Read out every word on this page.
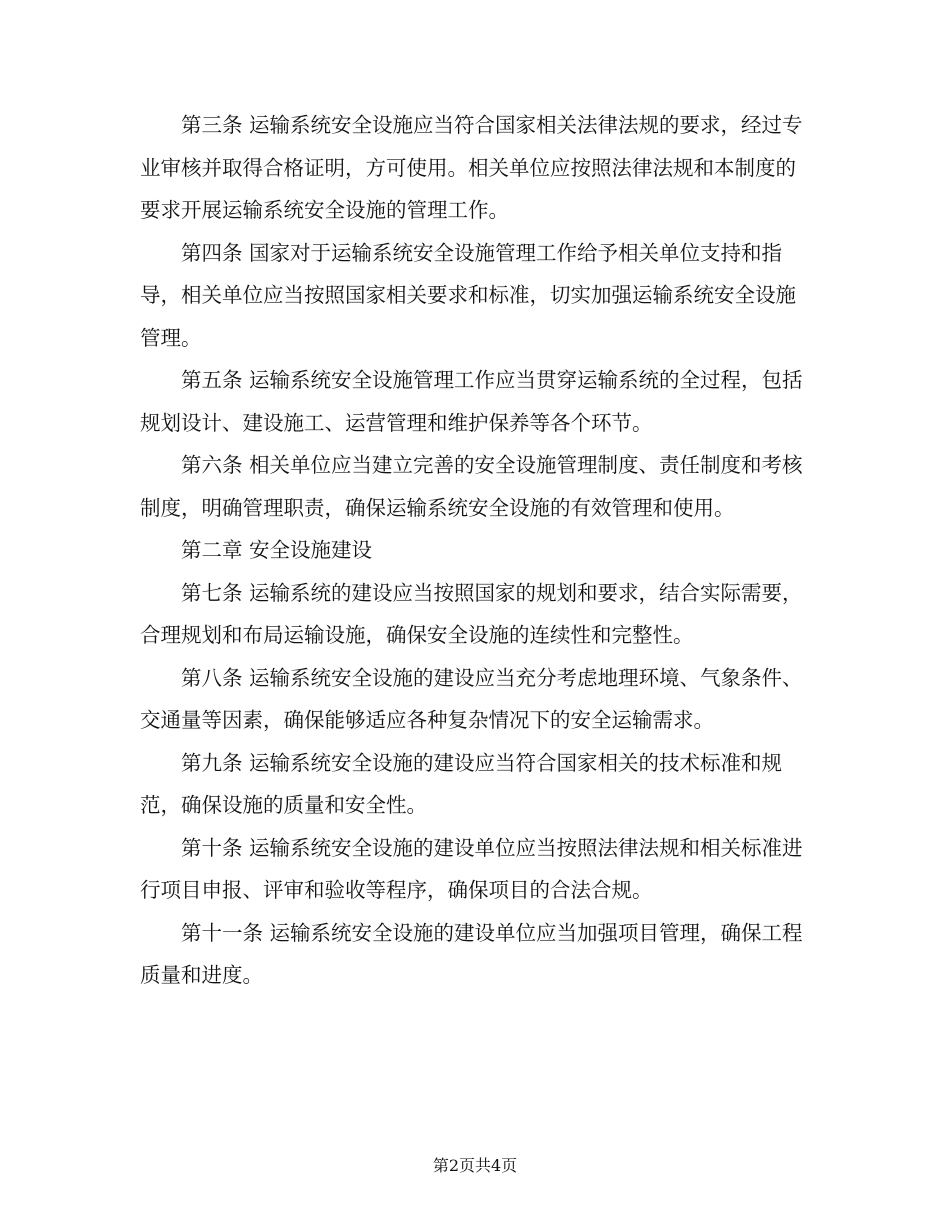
第三条 运输系统安全设施应当符合国家相关法律法规的要求，经过专业审核并取得合格证明，方可使用。相关单位应按照法律法规和本制度的要求开展运输系统安全设施的管理工作。

第四条 国家对于运输系统安全设施管理工作给予相关单位支持和指导，相关单位应当按照国家相关要求和标准，切实加强运输系统安全设施管理。

第五条 运输系统安全设施管理工作应当贯穿运输系统的全过程，包括规划设计、建设施工、运营管理和维护保养等各个环节。

第六条 相关单位应当建立完善的安全设施管理制度、责任制度和考核制度，明确管理职责，确保运输系统安全设施的有效管理和使用。

第二章 安全设施建设

第七条 运输系统的建设应当按照国家的规划和要求，结合实际需要，合理规划和布局运输设施，确保安全设施的连续性和完整性。

第八条 运输系统安全设施的建设应当充分考虑地理环境、气象条件、交通量等因素，确保能够适应各种复杂情况下的安全运输需求。

第九条 运输系统安全设施的建设应当符合国家相关的技术标准和规范，确保设施的质量和安全性。

第十条 运输系统安全设施的建设单位应当按照法律法规和相关标准进行项目申报、评审和验收等程序，确保项目的合法合规。

第十一条 运输系统安全设施的建设单位应当加强项目管理，确保工程质量和进度。

第2页共4页
